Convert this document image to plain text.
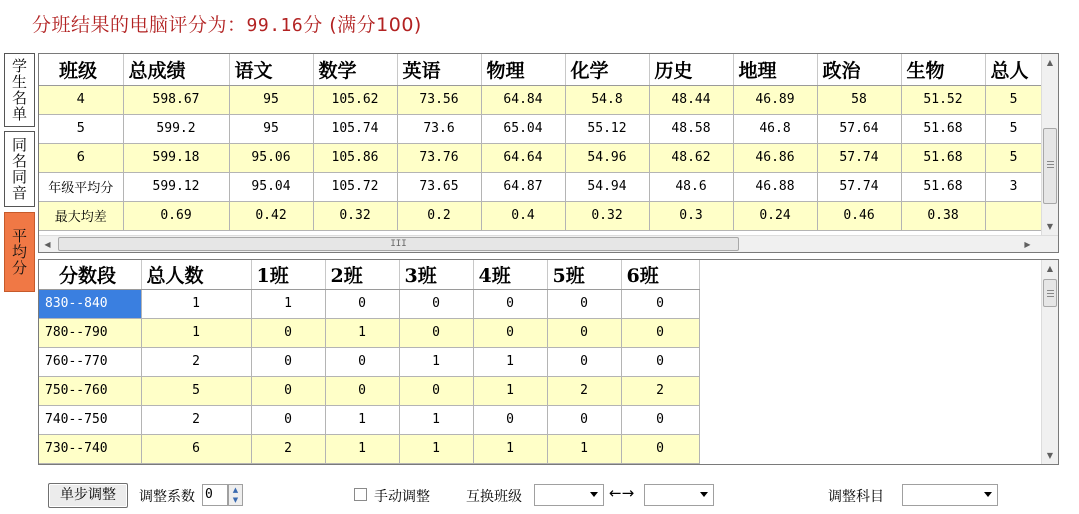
分班结果的电脑评分为：99.16分 (满分100)
学生名单
同名同音
平均分
班级	总成绩	语文	数学	英语	物理	化学	历史	地理	政治	生物	总人
4	598.67	95	105.62	73.56	64.84	54.8	48.44	46.89	58	51.52	5
5	599.2	95	105.74	73.6	65.04	55.12	48.58	46.8	57.64	51.68	5
6	599.18	95.06	105.86	73.76	64.64	54.96	48.62	46.86	57.74	51.68	5
年级平均分	599.12	95.04	105.72	73.65	64.87	54.94	48.6	46.88	57.74	51.68	3
最大均差	0.69	0.42	0.32	0.2	0.4	0.32	0.3	0.24	0.46	0.38	
▲
▼
◀	III	▶
分数段	总人数	1班	2班	3班	4班	5班	6班
830--840	1	1	0	0	0	0	0
780--790	1	0	1	0	0	0	0
760--770	2	0	0	1	1	0	0
750--760	5	0	0	0	1	2	2
740--750	2	0	1	1	0	0	0
730--740	6	2	1	1	1	1	0
▲
▼
单步调整	调整系数 0	▲
▼	手动调整	互换班级	←→	调整科目
